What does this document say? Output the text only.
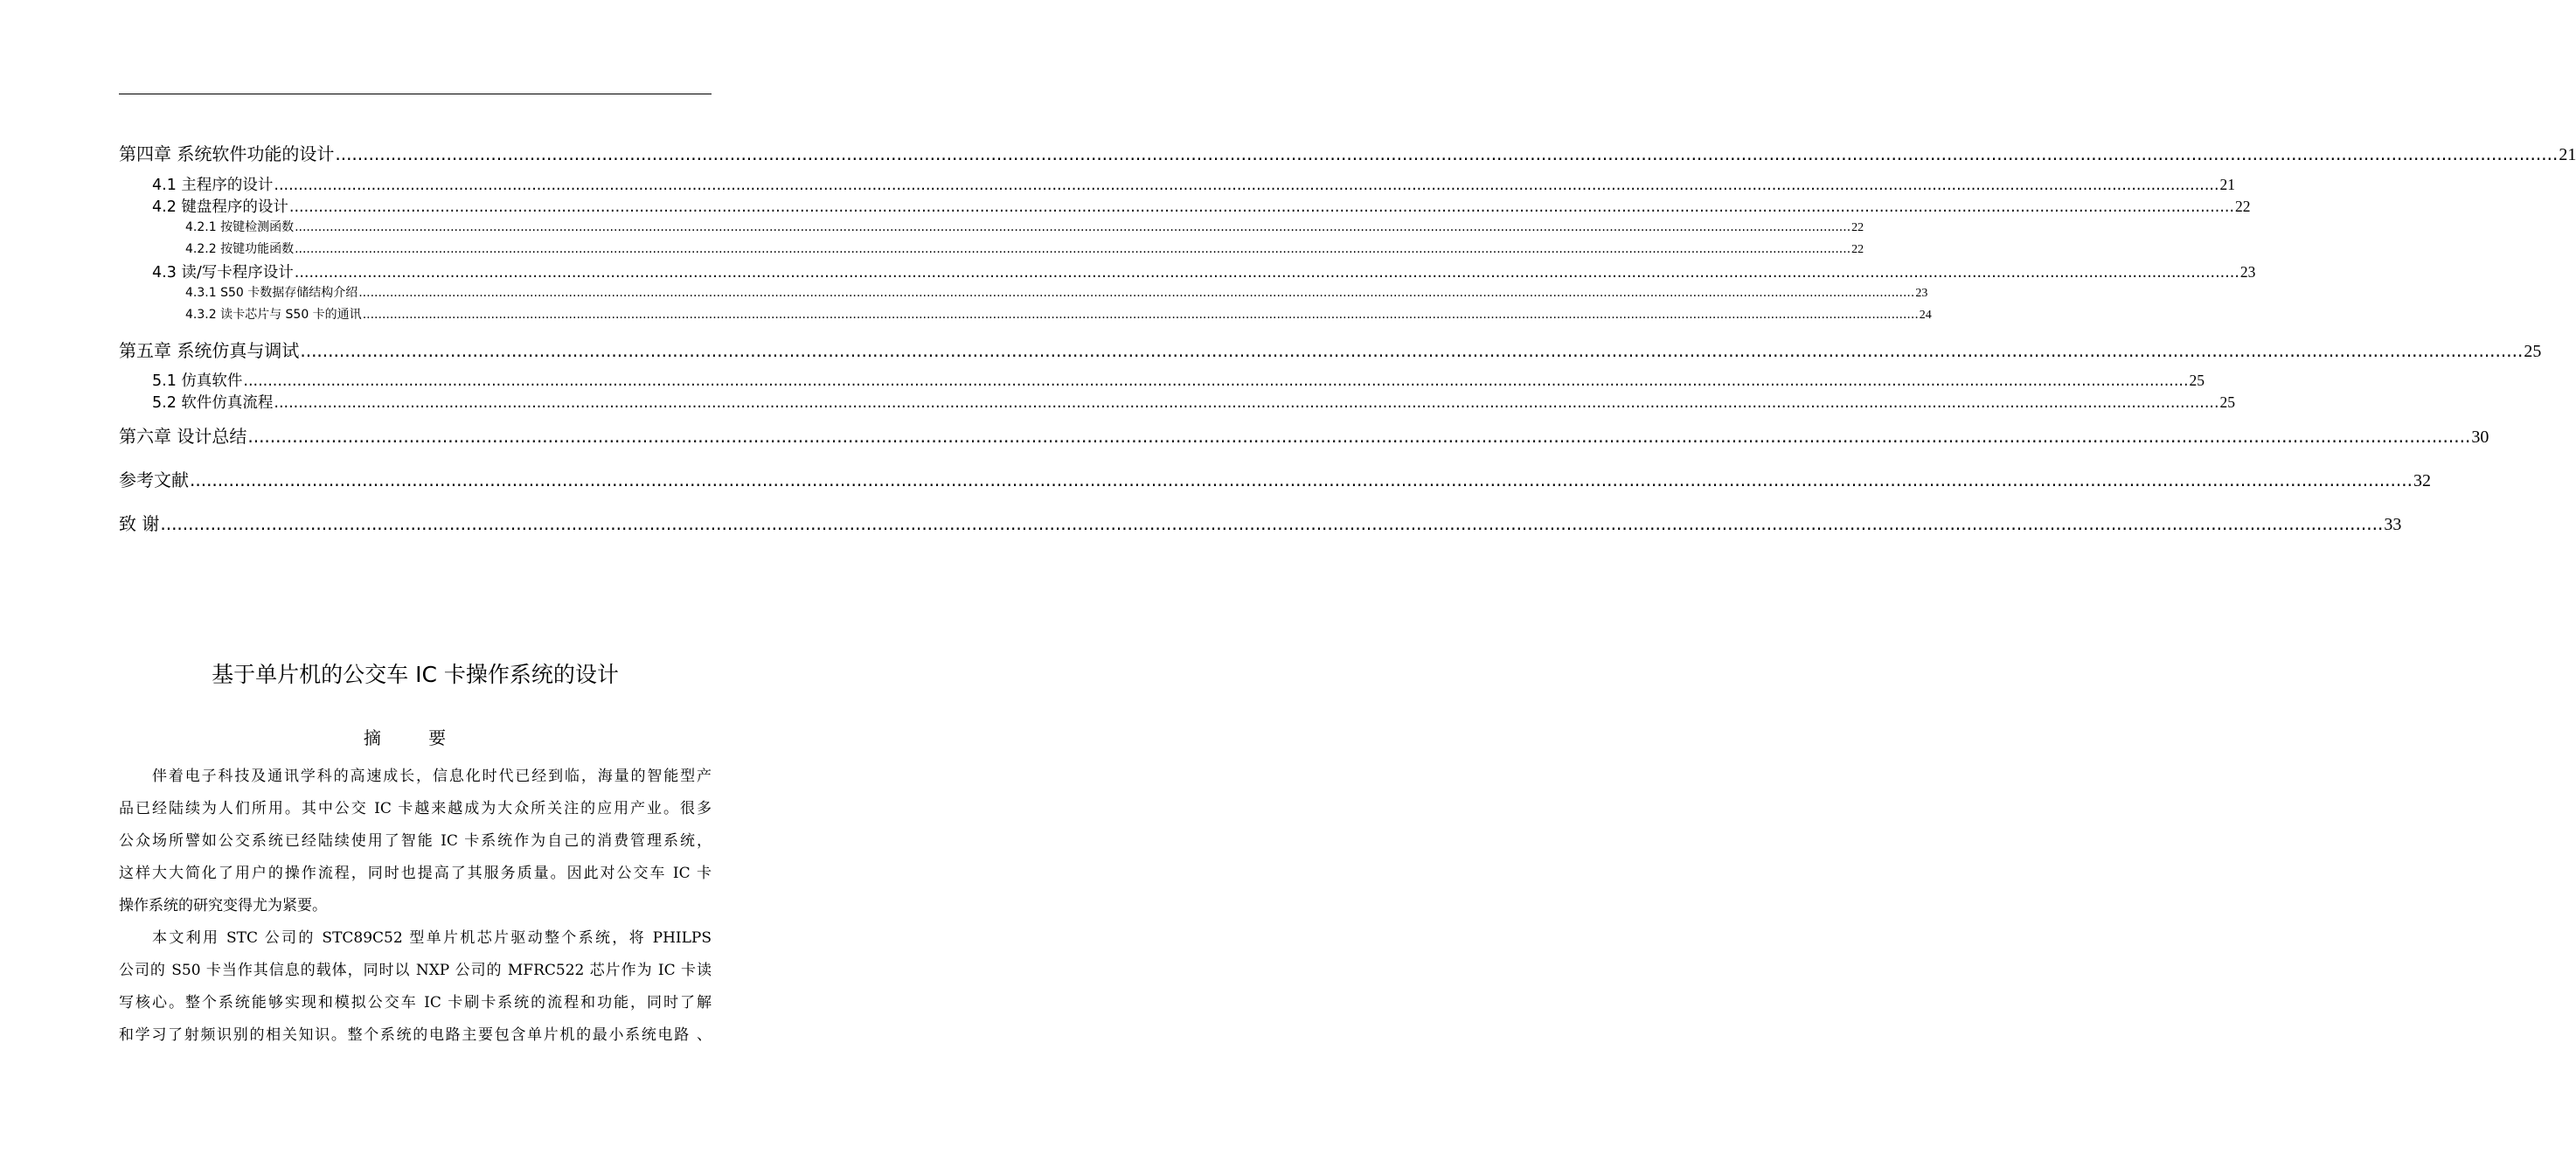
第四章 系统软件功能的设计 ................................................................................................................................................................................................................................................................................................................................................................................................................ 21
4.1 主程序的设计 ................................................................................................................................................................................................................................................................................................................................................................................................................ 21
4.2 键盘程序的设计 ................................................................................................................................................................................................................................................................................................................................................................................................................ 22
4.2.1 按键检测函数 ................................................................................................................................................................................................................................................................................................................................................................................................................ 22
4.2.2 按键功能函数 ................................................................................................................................................................................................................................................................................................................................................................................................................ 22
4.3 读/写卡程序设计 ................................................................................................................................................................................................................................................................................................................................................................................................................ 23
4.3.1 S50 卡数据存储结构介绍 ................................................................................................................................................................................................................................................................................................................................................................................................................ 23
4.3.2 读卡芯片与 S50 卡的通讯 ................................................................................................................................................................................................................................................................................................................................................................................................................ 24
第五章 系统仿真与调试 ................................................................................................................................................................................................................................................................................................................................................................................................................ 25
5.1 仿真软件 ................................................................................................................................................................................................................................................................................................................................................................................................................ 25
5.2 软件仿真流程 ................................................................................................................................................................................................................................................................................................................................................................................................................ 25
第六章 设计总结 ................................................................................................................................................................................................................................................................................................................................................................................................................ 30
参考文献 ................................................................................................................................................................................................................................................................................................................................................................................................................ 32
致 谢 ................................................................................................................................................................................................................................................................................................................................................................................................................ 33
基于单片机的公交车 IC 卡操作系统的设计
摘 要
伴着电子科技及通讯学科的高速成长，信息化时代已经到临，海量的智能型产
品已经陆续为人们所用。其中公交 IC 卡越来越成为大众所关注的应用产业。很多
公众场所譬如公交系统已经陆续使用了智能 IC 卡系统作为自己的消费管理系统，
这样大大简化了用户的操作流程，同时也提高了其服务质量。因此对公交车 IC 卡
操作系统的研究变得尤为紧要。
本文利用 STC 公司的 STC89C52 型单片机芯片驱动整个系统，将 PHILPS
公司的 S50 卡当作其信息的载体，同时以 NXP 公司的 MFRC522 芯片作为 IC 卡读
写核心。整个系统能够实现和模拟公交车 IC 卡刷卡系统的流程和功能，同时了解
和学习了射频识别的相关知识。整个系统的电路主要包含单片机的最小系统电路 、
